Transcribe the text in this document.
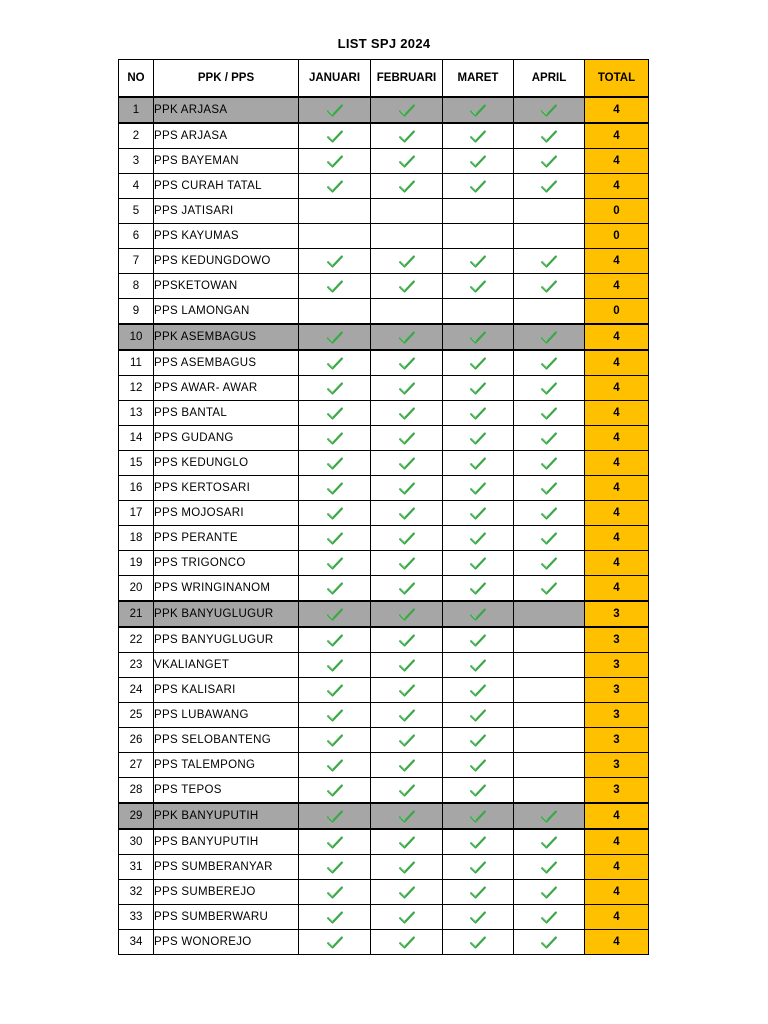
LIST SPJ 2024
NO	PPK / PPS	JANUARI	FEBRUARI	MARET	APRIL	TOTAL
1	PPK ARJASA					4
2	PPS ARJASA					4
3	PPS BAYEMAN					4
4	PPS CURAH TATAL					4
5	PPS JATISARI					0
6	PPS KAYUMAS					0
7	PPS KEDUNGDOWO					4
8	PPSKETOWAN					4
9	PPS LAMONGAN					0
10	PPK ASEMBAGUS					4
11	PPS ASEMBAGUS					4
12	PPS AWAR- AWAR					4
13	PPS BANTAL					4
14	PPS GUDANG					4
15	PPS KEDUNGLO					4
16	PPS KERTOSARI					4
17	PPS MOJOSARI					4
18	PPS PERANTE					4
19	PPS TRIGONCO					4
20	PPS WRINGINANOM					4
21	PPK BANYUGLUGUR					3
22	PPS BANYUGLUGUR					3
23	VKALIANGET					3
24	PPS KALISARI					3
25	PPS LUBAWANG					3
26	PPS SELOBANTENG					3
27	PPS TALEMPONG					3
28	PPS TEPOS					3
29	PPK BANYUPUTIH					4
30	PPS BANYUPUTIH					4
31	PPS SUMBERANYAR					4
32	PPS SUMBEREJO					4
33	PPS SUMBERWARU					4
34	PPS WONOREJO					4
